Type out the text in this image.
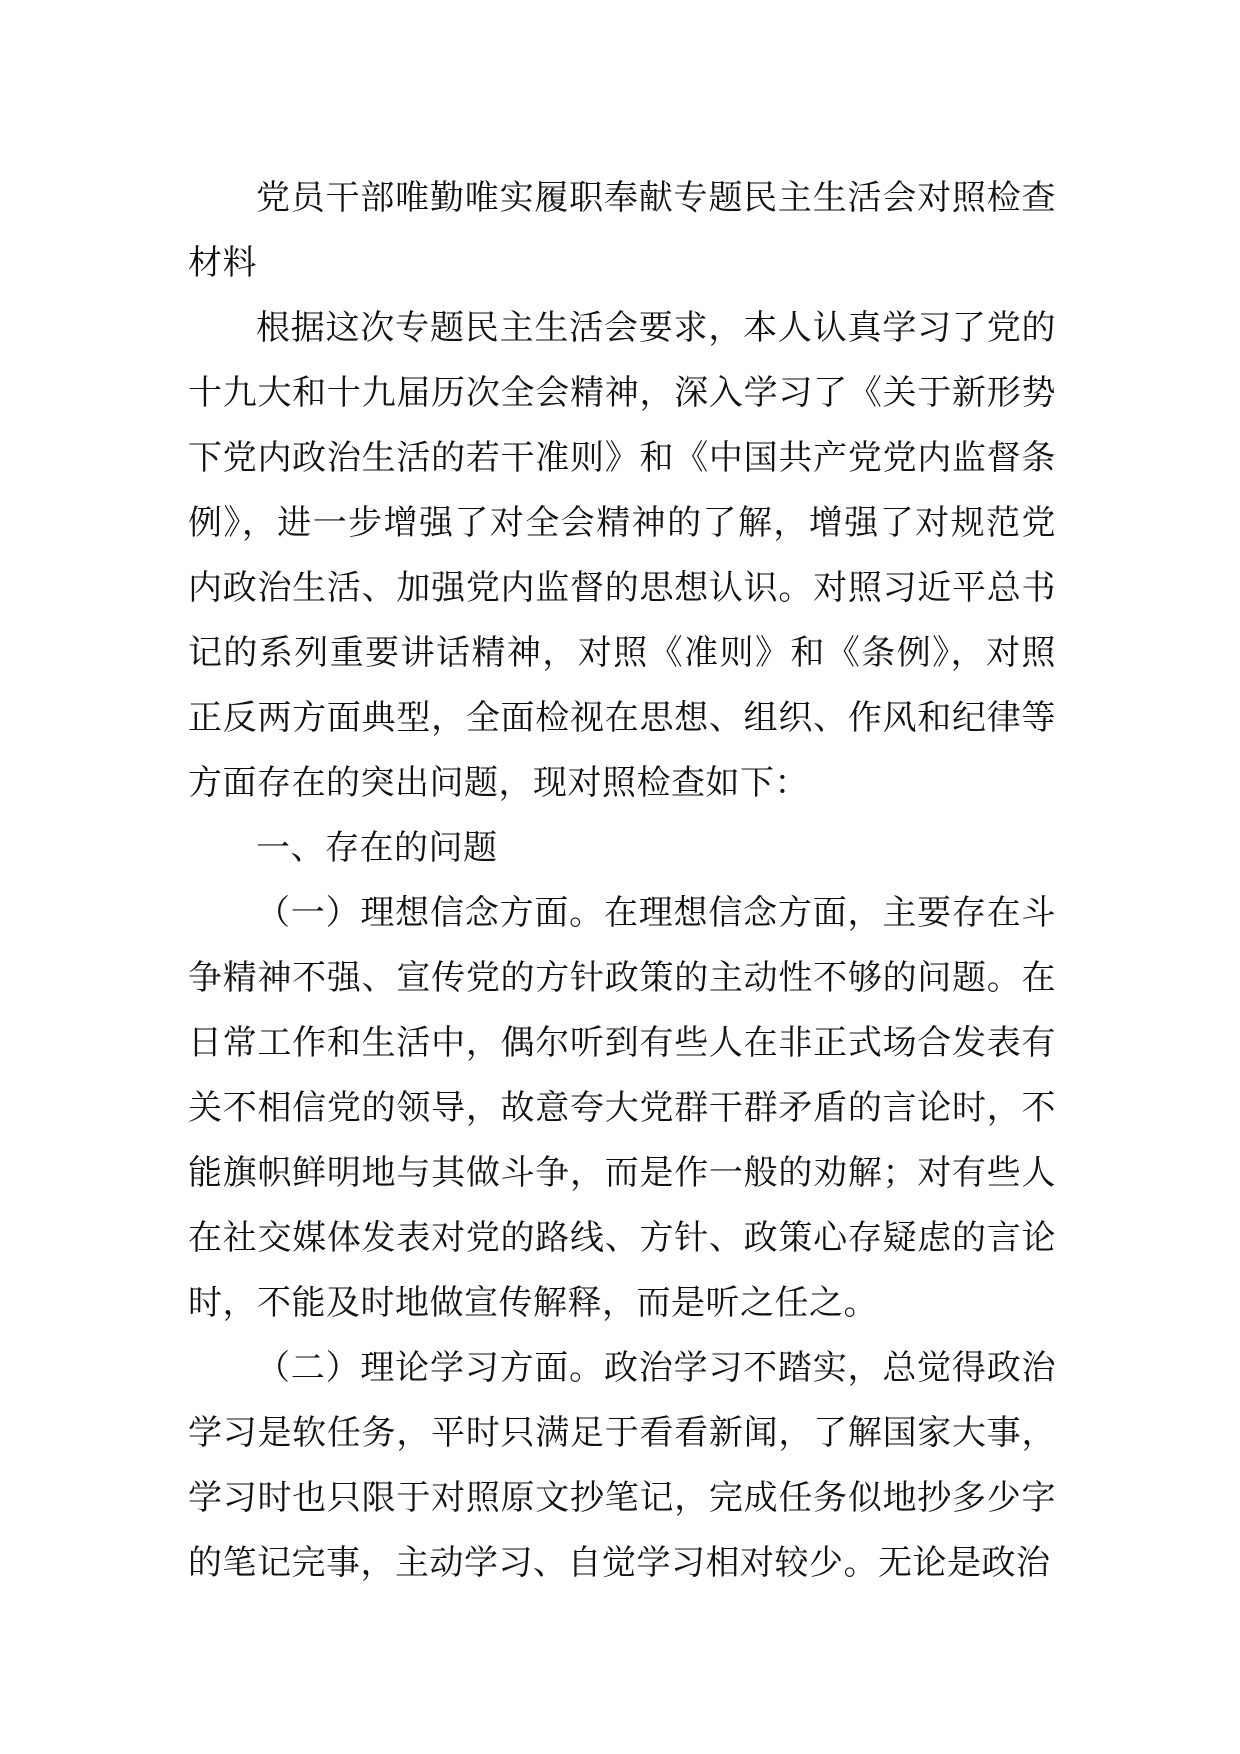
党员干部唯勤唯实履职奉献专题民主生活会对照检查材料

根据这次专题民主生活会要求，本人认真学习了党的十九大和十九届历次全会精神，深入学习了《关于新形势下党内政治生活的若干准则》和《中国共产党党内监督条例》，进一步增强了对全会精神的了解，增强了对规范党内政治生活、加强党内监督的思想认识。对照习近平总书记的系列重要讲话精神，对照《准则》和《条例》，对照正反两方面典型，全面检视在思想、组织、作风和纪律等方面存在的突出问题，现对照检查如下：

一、存在的问题

（一）理想信念方面。在理想信念方面，主要存在斗争精神不强、宣传党的方针政策的主动性不够的问题。在日常工作和生活中，偶尔听到有些人在非正式场合发表有关不相信党的领导，故意夸大党群干群矛盾的言论时，不能旗帜鲜明地与其做斗争，而是作一般的劝解；对有些人在社交媒体发表对党的路线、方针、政策心存疑虑的言论时，不能及时地做宣传解释，而是听之任之。

（二）理论学习方面。政治学习不踏实，总觉得政治学习是软任务，平时只满足于看看新闻，了解国家大事，学习时也只限于对照原文抄笔记，完成任务似地抄多少字的笔记完事，主动学习、自觉学习相对较少。无论是政治
